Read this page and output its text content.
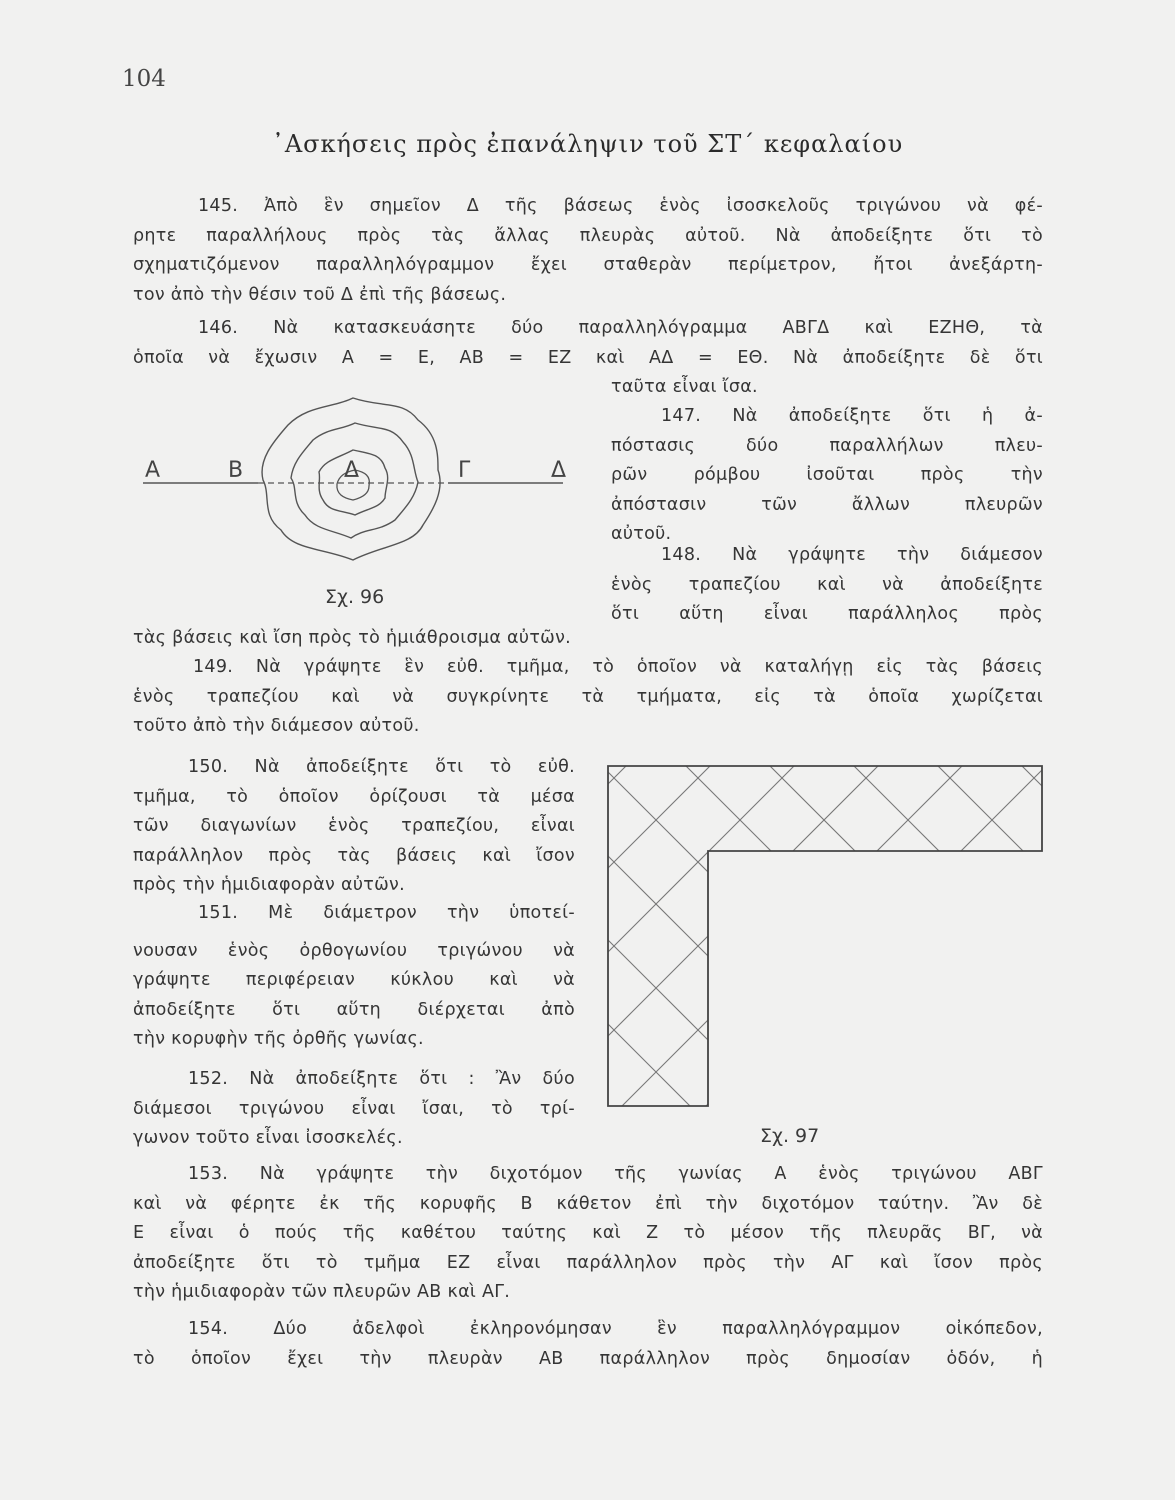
104
᾿Ασκήσεις πρὸς ἐπανάληψιν τοῦ ΣΤ΄ κεφαλαίου
145. Ἀπὸ ἓν σημεῖον Δ τῆς βάσεως ἑνὸς ἰσοσκελοῦς τριγώνου νὰ φέ-
ρητε παραλλήλους πρὸς τὰς ἄλλας πλευρὰς αὐτοῦ. Νὰ ἀποδείξητε ὅτι τὸ
σχηματιζόμενον παραλληλόγραμμον ἔχει σταθερὰν περίμετρον, ἤτοι ἀνεξάρτη-
τον ἀπὸ τὴν θέσιν τοῦ Δ ἐπὶ τῆς βάσεως.
146. Νὰ κατασκευάσητε δύο παραλληλόγραμμα ΑΒΓΔ καὶ ΕΖΗΘ, τὰ
ὁποῖα νὰ ἔχωσιν Α = Ε, ΑΒ = ΕΖ καὶ ΑΔ = ΕΘ. Νὰ ἀποδείξητε δὲ ὅτι
ταῦτα εἶναι ἴσα.
147. Νὰ ἀποδείξητε ὅτι ἡ ἀ-
πόστασις δύο παραλλήλων πλευ-
ρῶν ρόμβου ἰσοῦται πρὸς τὴν
ἀπόστασιν τῶν ἄλλων πλευρῶν
αὐτοῦ.
148. Νὰ γράψητε τὴν διάμεσον
ἑνὸς τραπεζίου καὶ νὰ ἀποδείξητε
ὅτι αὕτη εἶναι παράλληλος πρὸς
τὰς βάσεις καὶ ἴση πρὸς τὸ ἡμιάθροισμα αὐτῶν.
Α	Β	Δ	Γ	Δ
Σχ. 96
149. Νὰ γράψητε ἓν εὐθ. τμῆμα, τὸ ὁποῖον νὰ καταλήγῃ εἰς τὰς βάσεις
ἑνὸς τραπεζίου καὶ νὰ συγκρίνητε τὰ τμήματα, εἰς τὰ ὁποῖα χωρίζεται
τοῦτο ἀπὸ τὴν διάμεσον αὐτοῦ.
150. Νὰ ἀποδείξητε ὅτι τὸ εὐθ.
τμῆμα, τὸ ὁποῖον ὁρίζουσι τὰ μέσα
τῶν διαγωνίων ἑνὸς τραπεζίου, εἶναι
παράλληλον πρὸς τὰς βάσεις καὶ ἴσον
πρὸς τὴν ἡμιδιαφορὰν αὐτῶν.
151. Μὲ διάμετρον τὴν ὑποτεί-
νουσαν ἑνὸς ὀρθογωνίου τριγώνου νὰ
γράψητε περιφέρειαν κύκλου καὶ νὰ
ἀποδείξητε ὅτι αὕτη διέρχεται ἀπὸ
τὴν κορυφὴν τῆς ὀρθῆς γωνίας.
152. Νὰ ἀποδείξητε ὅτι : Ἂν δύο
διάμεσοι τριγώνου εἶναι ἴσαι, τὸ τρί-
γωνον τοῦτο εἶναι ἰσοσκελές.	Σχ. 97
153. Νὰ γράψητε τὴν διχοτόμον τῆς γωνίας Α ἑνὸς τριγώνου ΑΒΓ
καὶ νὰ φέρητε ἐκ τῆς κορυφῆς Β κάθετον ἐπὶ τὴν διχοτόμον ταύτην. Ἂν δὲ
Ε εἶναι ὁ πούς τῆς καθέτου ταύτης καὶ Ζ τὸ μέσον τῆς πλευρᾶς ΒΓ, νὰ
ἀποδείξητε ὅτι τὸ τμῆμα ΕΖ εἶναι παράλληλον πρὸς τὴν ΑΓ καὶ ἴσον πρὸς
τὴν ἡμιδιαφορὰν τῶν πλευρῶν ΑΒ καὶ ΑΓ.
154. Δύο ἀδελφοὶ ἐκληρονόμησαν ἓν παραλληλόγραμμον οἰκόπεδον,
τὸ ὁποῖον ἔχει τὴν πλευρὰν ΑΒ παράλληλον πρὸς δημοσίαν ὁδόν, ἡ
